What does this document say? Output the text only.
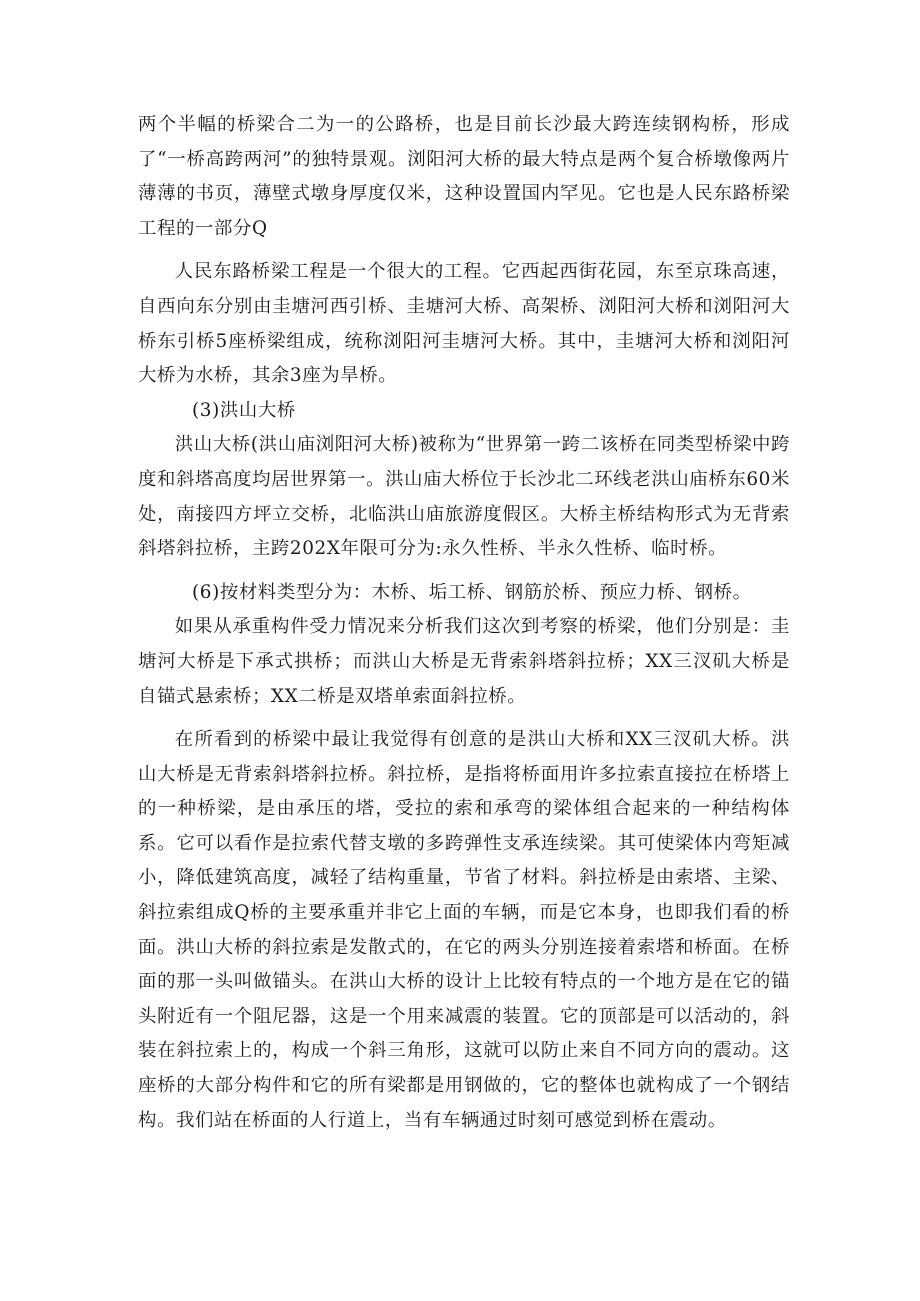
两个半幅的桥梁合二为一的公路桥，也是目前长沙最大跨连续钢构桥，形成了“一桥高跨两河”的独特景观。浏阳河大桥的最大特点是两个复合桥墩像两片薄薄的书页，薄壁式墩身厚度仅米，这种设置国内罕见。它也是人民东路桥梁工程的一部分Q

人民东路桥梁工程是一个很大的工程。它西起西街花园，东至京珠高速，自西向东分别由圭塘河西引桥、圭塘河大桥、高架桥、浏阳河大桥和浏阳河大桥东引桥5座桥梁组成，统称浏阳河圭塘河大桥。其中，圭塘河大桥和浏阳河大桥为水桥，其余3座为旱桥。

(3)洪山大桥

洪山大桥(洪山庙浏阳河大桥)被称为“世界第一跨二该桥在同类型桥梁中跨度和斜塔高度均居世界第一。洪山庙大桥位于长沙北二环线老洪山庙桥东60米处，南接四方坪立交桥，北临洪山庙旅游度假区。大桥主桥结构形式为无背索斜塔斜拉桥，主跨202X年限可分为:永久性桥、半永久性桥、临时桥。

(6)按材料类型分为：木桥、垢工桥、钢筋於桥、预应力桥、钢桥。

如果从承重构件受力情况来分析我们这次到考察的桥梁，他们分别是：圭塘河大桥是下承式拱桥；而洪山大桥是无背索斜塔斜拉桥；XX三汊矶大桥是自锚式悬索桥；XX二桥是双塔单索面斜拉桥。

在所看到的桥梁中最让我觉得有创意的是洪山大桥和XX三汊矶大桥。洪山大桥是无背索斜塔斜拉桥。斜拉桥，是指将桥面用许多拉索直接拉在桥塔上的一种桥梁，是由承压的塔，受拉的索和承弯的梁体组合起来的一种结构体系。它可以看作是拉索代替支墩的多跨弹性支承连续梁。其可使梁体内弯矩减小，降低建筑高度，减轻了结构重量，节省了材料。斜拉桥是由索塔、主梁、斜拉索组成Q桥的主要承重并非它上面的车辆，而是它本身，也即我们看的桥面。洪山大桥的斜拉索是发散式的，在它的两头分别连接着索塔和桥面。在桥面的那一头叫做锚头。在洪山大桥的设计上比较有特点的一个地方是在它的锚头附近有一个阻尼器，这是一个用来减震的装置。它的顶部是可以活动的，斜装在斜拉索上的，构成一个斜三角形，这就可以防止来自不同方向的震动。这座桥的大部分构件和它的所有梁都是用钢做的，它的整体也就构成了一个钢结构。我们站在桥面的人行道上，当有车辆通过时刻可感觉到桥在震动。
